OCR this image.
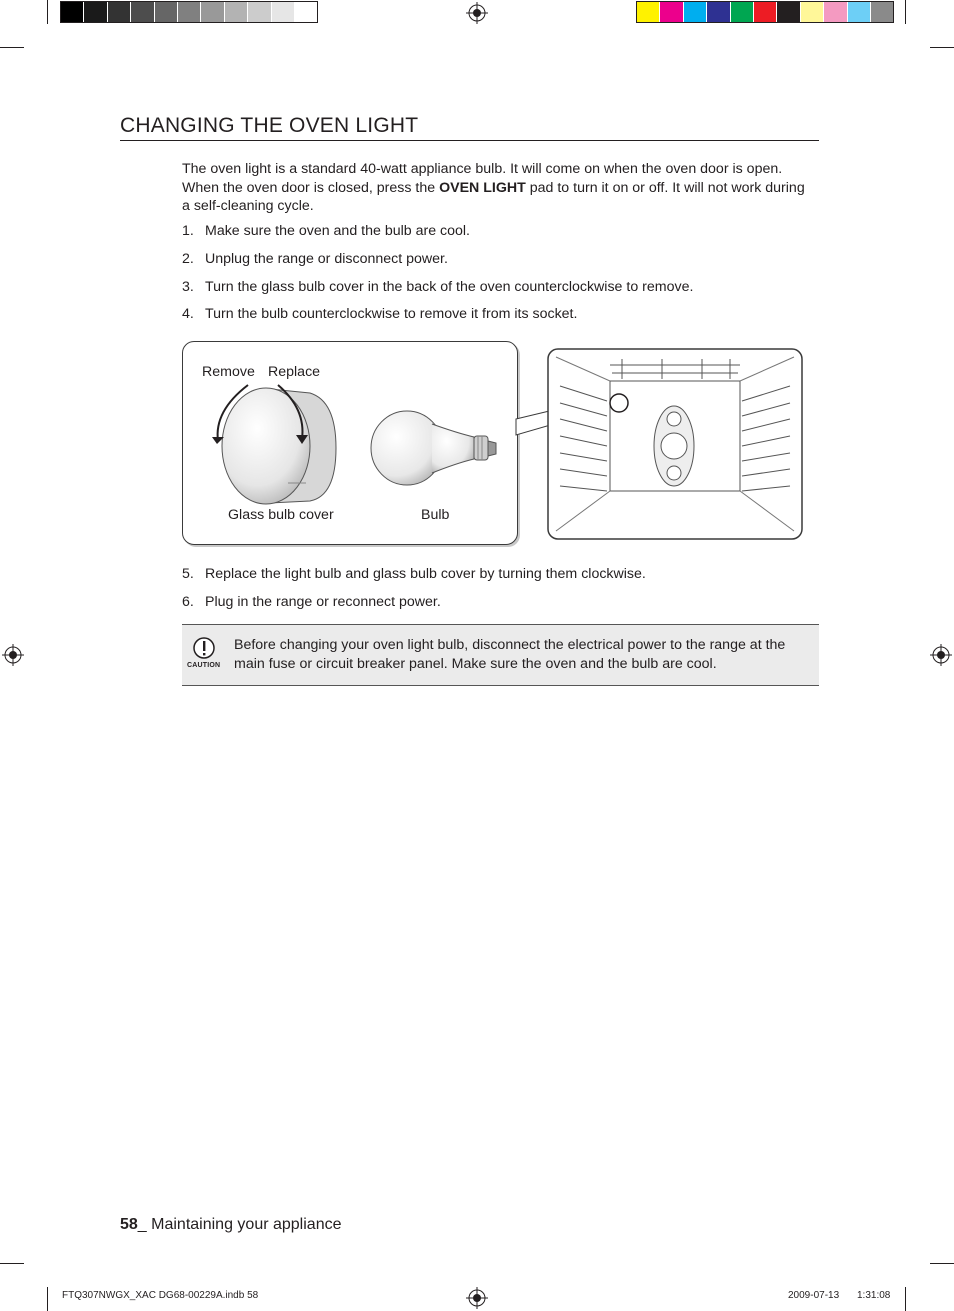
CHANGING THE OVEN LIGHT
The oven light is a standard 40-watt appliance bulb. It will come on when the oven door is open. When the oven door is closed, press the OVEN LIGHT pad to turn it on or off. It will not work during a self-cleaning cycle.
1. Make sure the oven and the bulb are cool.
2. Unplug the range or disconnect power.
3. Turn the glass bulb cover in the back of the oven counterclockwise to remove.
4. Turn the bulb counterclockwise to remove it from its socket.
Remove Replace
Glass bulb cover	Bulb
5. Replace the light bulb and glass bulb cover by turning them clockwise.
6. Plug in the range or reconnect power.
CAUTION
Before changing your oven light bulb, disconnect the electrical power to the range at the main fuse or circuit breaker panel. Make sure the oven and the bulb are cool.
58_ Maintaining your appliance
FTQ307NWGX_XAC DG68-00229A.indb 58	2009-07-13 1:31:08
